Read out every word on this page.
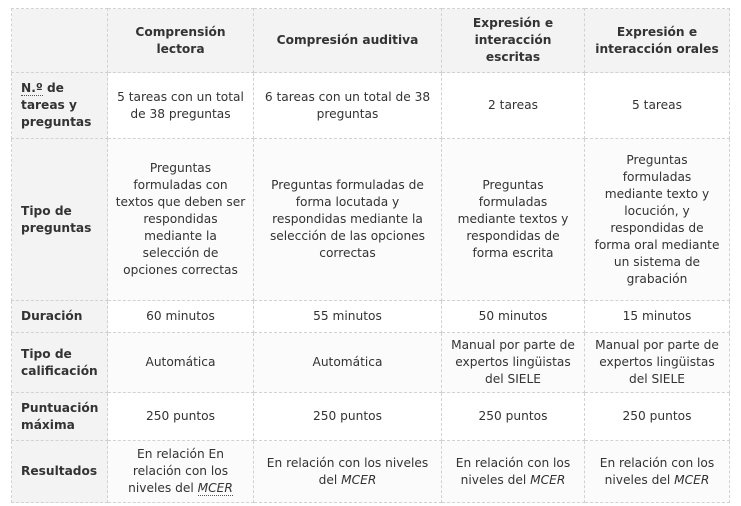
	Comprensión lectora	Compresión auditiva	Expresión e interacción escritas	Expresión e interacción orales
N.º de tareas y preguntas	5 tareas con un total de 38 preguntas	6 tareas con un total de 38 preguntas	2 tareas	5 tareas
Tipo de preguntas	Preguntas formuladas con textos que deben ser respondidas mediante la selección de opciones correctas	Preguntas formuladas de forma locutada y respondidas mediante la selección de las opciones correctas	Preguntas formuladas mediante textos y respondidas de forma escrita	Preguntas formuladas mediante texto y locución, y respondidas de forma oral mediante un sistema de grabación
Duración	60 minutos	55 minutos	50 minutos	15 minutos
Tipo de calificación	Automática	Automática	Manual por parte de expertos lingüistas del SIELE	Manual por parte de expertos lingüistas del SIELE
Puntuación máxima	250 puntos	250 puntos	250 puntos	250 puntos
Resultados	En relación En relación con los niveles del MCER	En relación con los niveles del MCER	En relación con los niveles del MCER	En relación con los niveles del MCER
